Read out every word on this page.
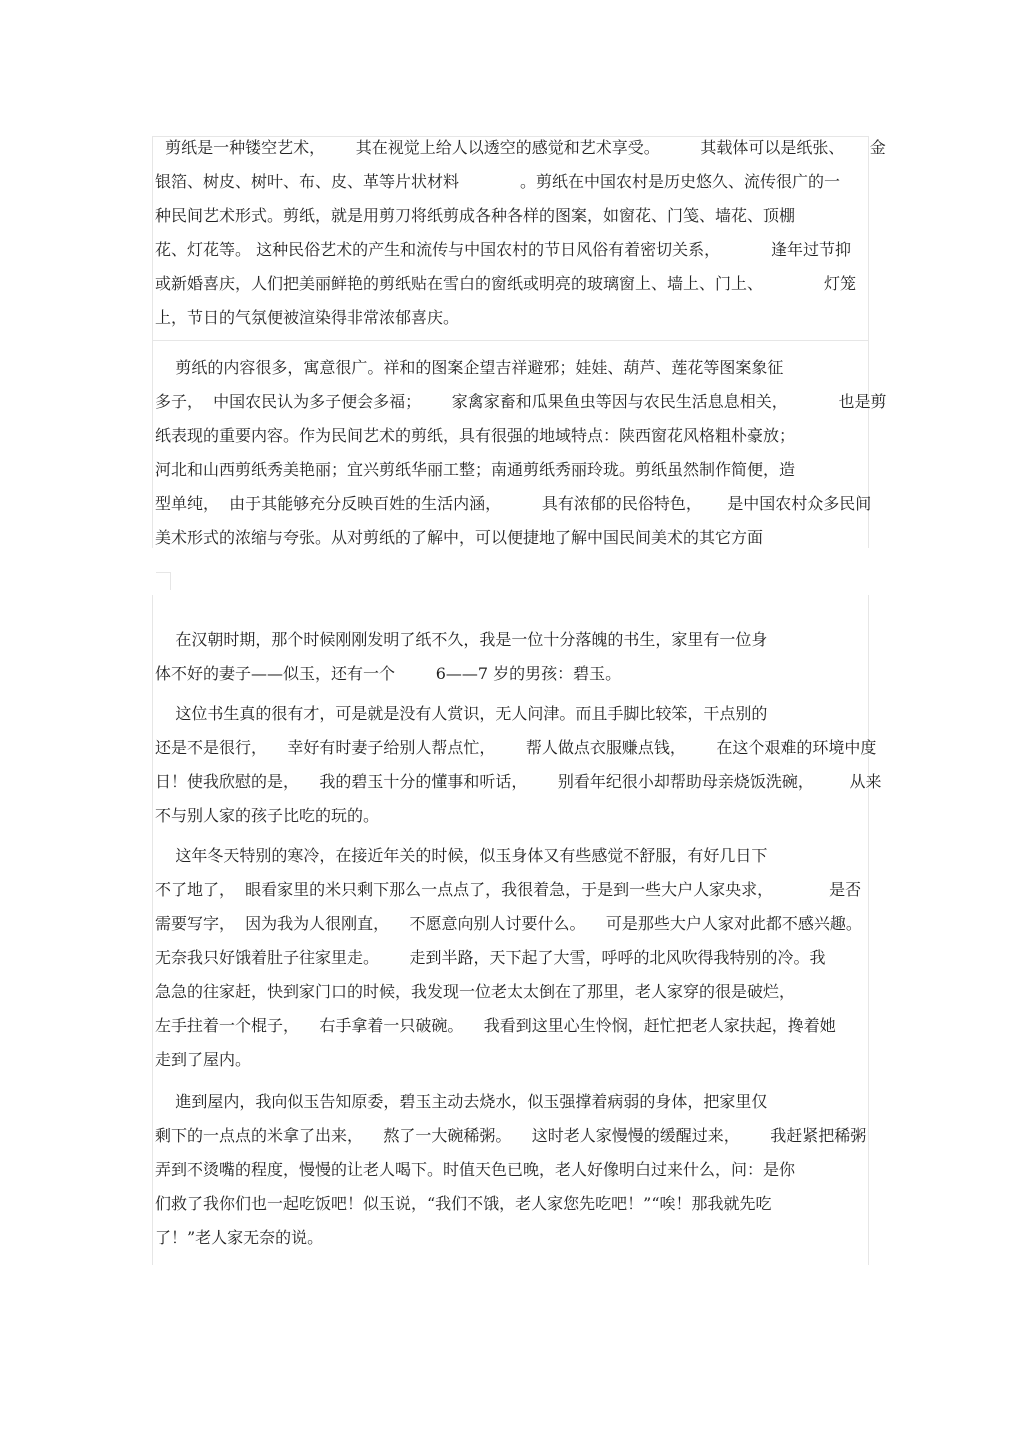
剪纸是一种镂空艺术，      其在视觉上给人以透空的感觉和艺术享受。        其载体可以是纸张、     金
银箔、树皮、树叶、布、皮、革等片状材料            。剪纸在中国农村是历史悠久、流传很广的一
种民间艺术形式。剪纸，就是用剪刀将纸剪成各种各样的图案，如窗花、门笺、墙花、顶棚
花、灯花等。 这种民俗艺术的产生和流传与中国农村的节日风俗有着密切关系，          逢年过节抑
或新婚喜庆，人们把美丽鲜艳的剪纸贴在雪白的窗纸或明亮的玻璃窗上、墙上、门上、            灯笼
上，节日的气氛便被渲染得非常浓郁喜庆。
剪纸的内容很多，寓意很广。祥和的图案企望吉祥避邪；娃娃、葫芦、莲花等图案象征
多子，  中国农民认为多子便会多福；      家禽家畜和瓜果鱼虫等因与农民生活息息相关，          也是剪
纸表现的重要内容。作为民间艺术的剪纸，具有很强的地域特点：陕西窗花风格粗朴豪放；
河北和山西剪纸秀美艳丽；宜兴剪纸华丽工整；南通剪纸秀丽玲珑。剪纸虽然制作简便，造
型单纯，  由于其能够充分反映百姓的生活内涵，        具有浓郁的民俗特色，     是中国农村众多民间
美术形式的浓缩与夸张。从对剪纸的了解中，可以便捷地了解中国民间美术的其它方面
在汉朝时期，那个时候刚刚发明了纸不久，我是一位十分落魄的书生，家里有一位身
体不好的妻子——似玉，还有一个        6——7 岁的男孩：碧玉。
这位书生真的很有才，可是就是没有人赏识，无人问津。而且手脚比较笨，干点别的
还是不是很行，    幸好有时妻子给别人帮点忙，      帮人做点衣服赚点钱，      在这个艰难的环境中度
日！使我欣慰的是，    我的碧玉十分的懂事和听话，      别看年纪很小却帮助母亲烧饭洗碗，       从来
不与别人家的孩子比吃的玩的。
这年冬天特别的寒冷，在接近年关的时候，似玉身体又有些感觉不舒服，有好几日下
不了地了，  眼看家里的米只剩下那么一点点了，我很着急，于是到一些大户人家央求，           是否
需要写字，  因为我为人很刚直，    不愿意向别人讨要什么。    可是那些大户人家对此都不感兴趣。
无奈我只好饿着肚子往家里走。      走到半路，天下起了大雪，呼呼的北风吹得我特别的冷。我
急急的往家赶，快到家门口的时候，我发现一位老太太倒在了那里，老人家穿的很是破烂，
左手拄着一个棍子，    右手拿着一只破碗。    我看到这里心生怜悯，赶忙把老人家扶起，搀着她
走到了屋内。
進到屋内，我向似玉告知原委，碧玉主动去烧水，似玉强撑着病弱的身体，把家里仅
剩下的一点点的米拿了出来，    熬了一大碗稀粥。    这时老人家慢慢的缓醒过来，      我赶紧把稀粥
弄到不烫嘴的程度，慢慢的让老人喝下。时值天色已晚，老人好像明白过来什么，问：是你
们救了我你们也一起吃饭吧！似玉说，“我们不饿，老人家您先吃吧！”“唉！那我就先吃
了！”老人家无奈的说。
